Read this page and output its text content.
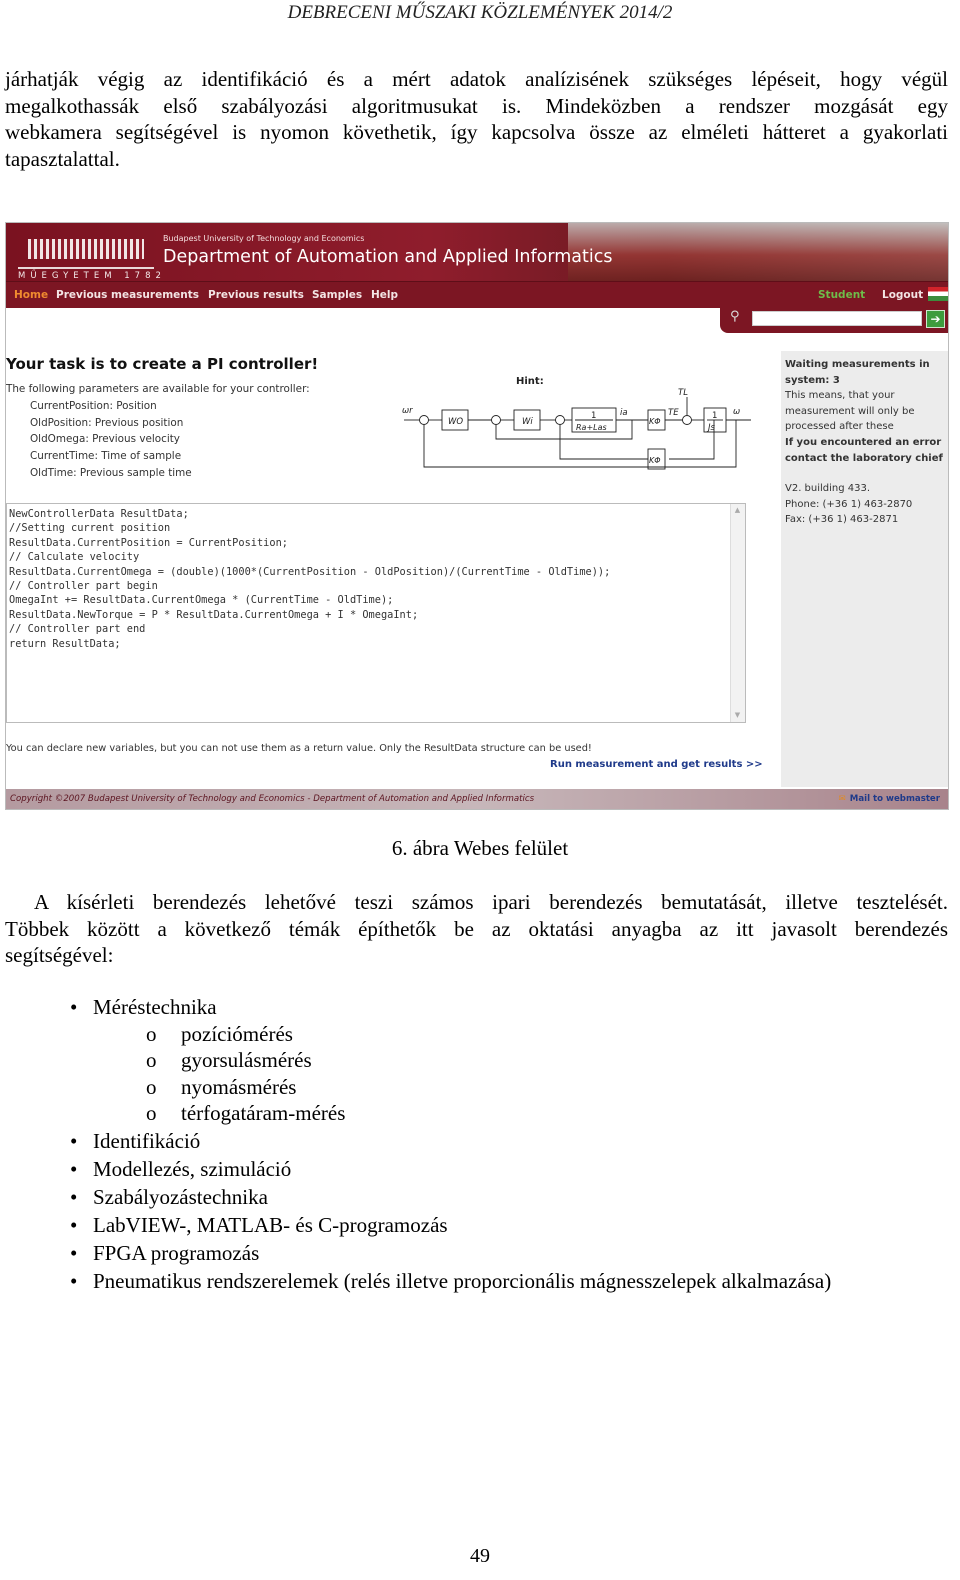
DEBRECENI MŰSZAKI KÖZLEMÉNYEK 2014/2
járhatják végig az identifikáció és a mért adatok analízisének szükséges lépéseit, hogy végül
megalkothassák első szabályozási algoritmusukat is. Mindeközben a rendszer mozgását egy
webkamera segítségével is nyomon követhetik, így kapcsolva össze az elméleti hátteret a gyakorlati
tapasztalattal.
MŰEGYETEM 1782
Budapest University of Technology and Economics
Department of Automation and Applied Informatics
Home Previous measurements Previous results Samples Help	Student Logout
⚲	➔
Your task is to create a PI controller!
The following parameters are available for your controller:
CurrentPosition: Position
OldPosition: Previous position
OldOmega: Previous velocity
CurrentTime: Time of sample
OldTime: Previous sample time
Hint:
ωr
WO	Wi
1
Ra+Las
ia
KΦ
TE
TL
1
Js
ω
KΦ
NewControllerData ResultData;
//Setting current position
ResultData.CurrentPosition = CurrentPosition;
// Calculate velocity
ResultData.CurrentOmega = (double)(1000*(CurrentPosition - OldPosition)/(CurrentTime - OldTime));
// Controller part begin
OmegaInt += ResultData.CurrentOmega * (CurrentTime - OldTime);
ResultData.NewTorque = P * ResultData.CurrentOmega + I * OmegaInt;
// Controller part end
return ResultData;
▲
▼
You can declare new variables, but you can not use them as a return value. Only the ResultData structure can be used!
Run measurement and get results >>
Waiting measurements in system: 3
This means, that your
measurement will only be
processed after these
If you encountered an error contact the laboratory chief
V2. building 433.
Phone: (+36 1) 463-2870
Fax: (+36 1) 463-2871
Copyright ©2007 Budapest University of Technology and Economics - Department of Automation and Applied Informatics	✉ Mail to webmaster
6. ábra Webes felület
A kísérleti berendezés lehetővé teszi számos ipari berendezés bemutatását, illetve tesztelését.
Többek között a következő témák építhetők be az oktatási anyagba az itt javasolt berendezés
segítségével:
• Méréstechnika
o pozíciómérés
o gyorsulásmérés
o nyomásmérés
o térfogatáram-mérés
• Identifikáció
• Modellezés, szimuláció
• Szabályozástechnika
• LabVIEW-, MATLAB- és C-programozás
• FPGA programozás
• Pneumatikus rendszerelemek (relés illetve proporcionális mágnesszelepek alkalmazása)
49
